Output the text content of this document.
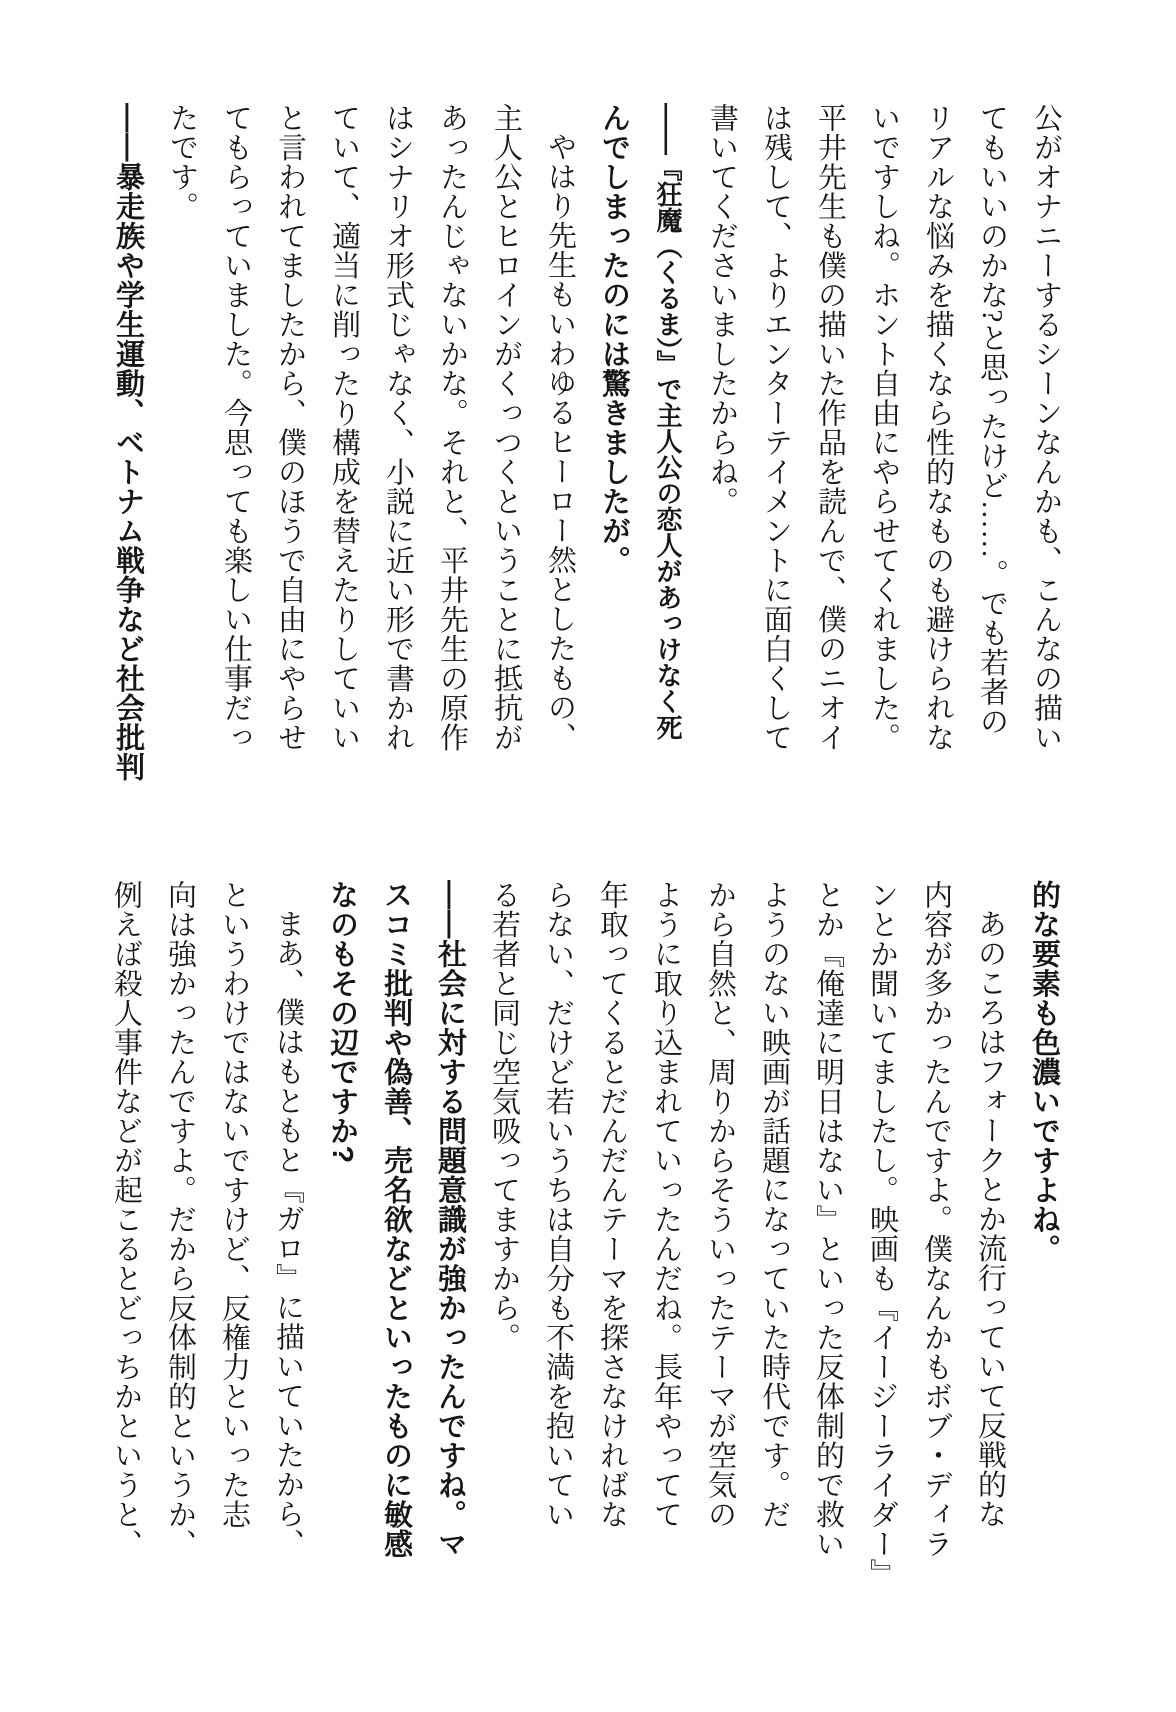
公がオナニーするシーンなんかも、こんなの描い
てもいいのかな?と思ったけど……。でも若者の
リアルな悩みを描くなら性的なものも避けられな
いですしね。ホント自由にやらせてくれました。
平井先生も僕の描いた作品を読んで、僕のニオイ
は残して、よりエンターテイメントに面白くして
書いてくださいましたからね。
――『狂魔（くるま）』で主人公の恋人があっけなく死
んでしまったのには驚きましたが。
やはり先生もいわゆるヒーロー然としたもの、
主人公とヒロインがくっつくということに抵抗が
あったんじゃないかな。それと、平井先生の原作
はシナリオ形式じゃなく、小説に近い形で書かれ
ていて、適当に削ったり構成を替えたりしていい
と言われてましたから、僕のほうで自由にやらせ
てもらっていました。今思っても楽しい仕事だっ
たです。
――暴走族や学生運動、ベトナム戦争など社会批判
的な要素も色濃いですよね。
あのころはフォークとか流行っていて反戦的な
内容が多かったんですよ。僕なんかもボブ・ディラ
ンとか聞いてましたし。映画も『イージーライダー』
とか『俺達に明日はない』といった反体制的で救い
ようのない映画が話題になっていた時代です。だ
から自然と、周りからそういったテーマが空気の
ように取り込まれていったんだね。長年やってて
年取ってくるとだんだんテーマを探さなければな
らない、だけど若いうちは自分も不満を抱いてい
る若者と同じ空気吸ってますから。
――社会に対する問題意識が強かったんですね。マ
スコミ批判や偽善、売名欲などといったものに敏感
なのもその辺ですか?
まあ、僕はもともと『ガロ』に描いていたから、
というわけではないですけど、反権力といった志
向は強かったんですよ。だから反体制的というか、
例えば殺人事件などが起こるとどっちかというと、
